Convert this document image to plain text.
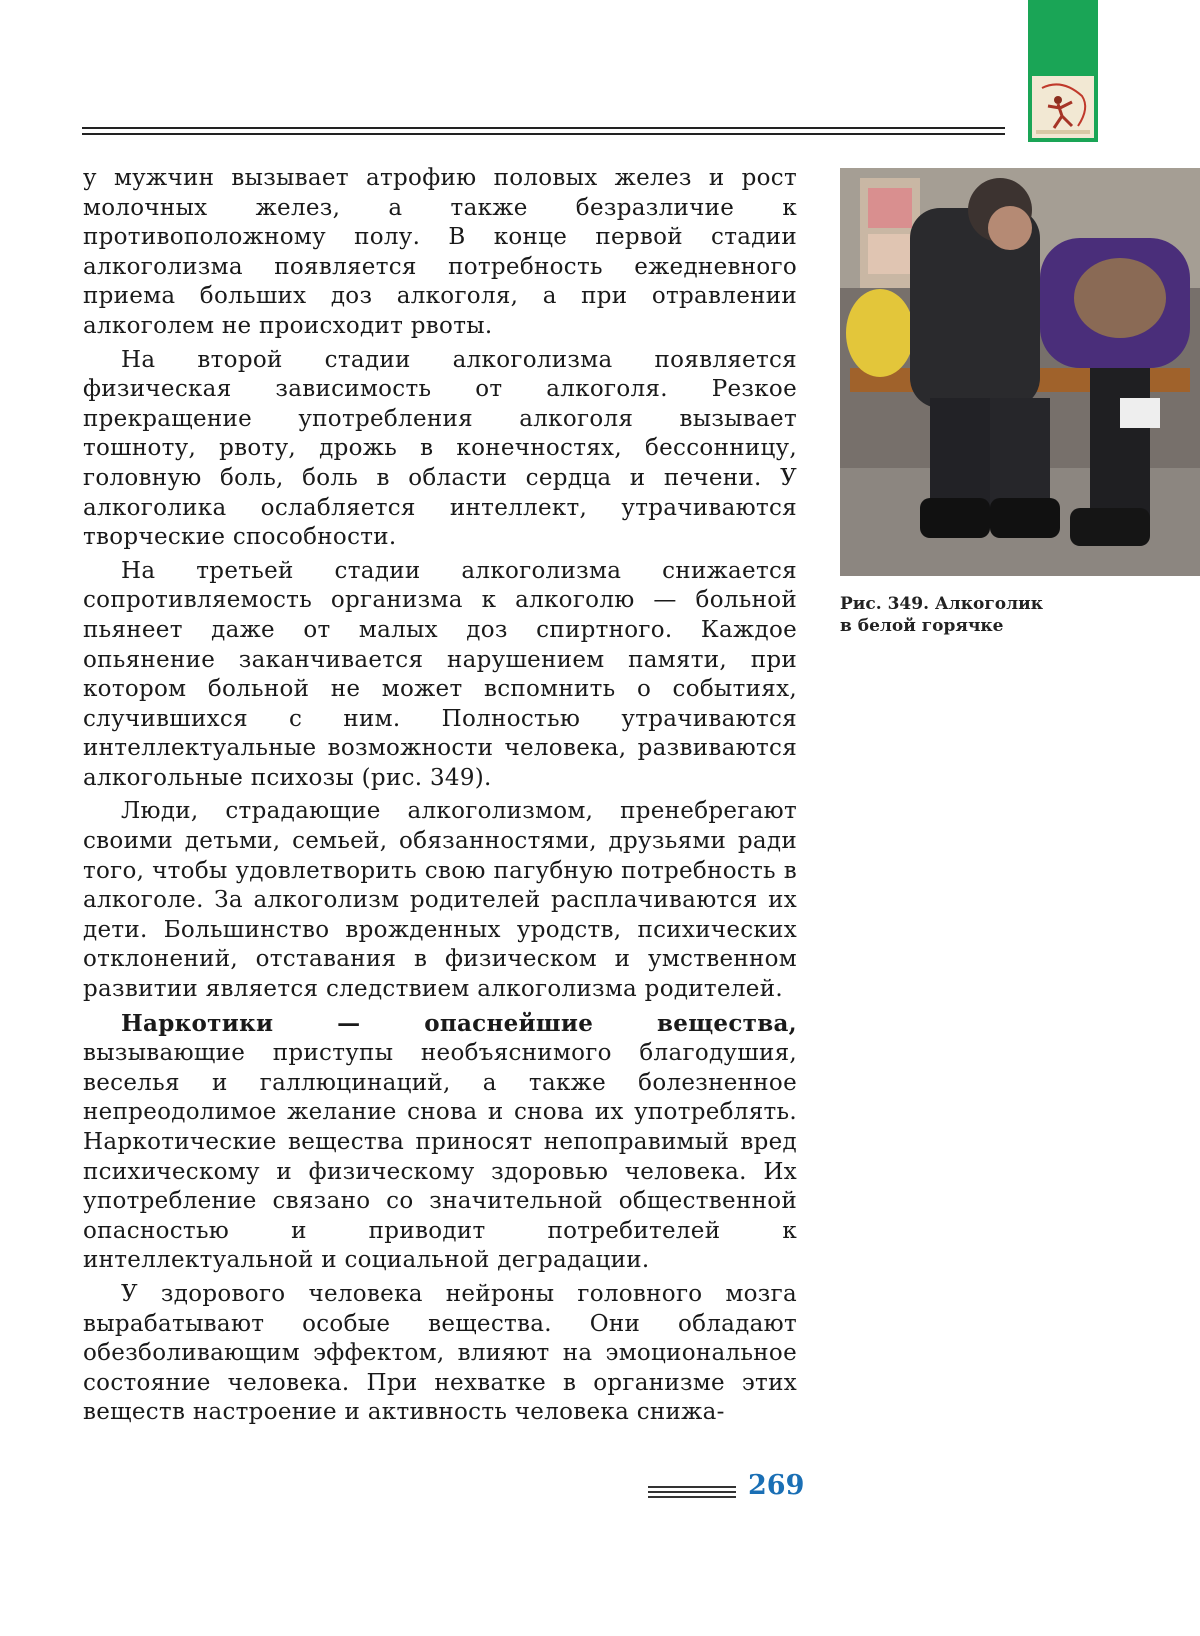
у мужчин вызывает атрофию половых желез и рост молочных желез, а также безразличие к противоположному полу. В конце первой стадии алкоголизма появляется потребность ежедневного приема больших доз алкоголя, а при отравлении алкоголем не происходит рвоты.

На второй стадии алкоголизма появляется физическая зависимость от алкоголя. Резкое прекращение употребления алкоголя вызывает тошноту, рвоту, дрожь в конечностях, бессонницу, головную боль, боль в области сердца и печени. У алкоголика ослабляется интеллект, утрачиваются творческие способности.

На третьей стадии алкоголизма снижается сопротивляемость организма к алкоголю — больной пьянеет даже от малых доз спиртного. Каждое опьянение заканчивается нарушением памяти, при котором больной не может вспомнить о событиях, случившихся с ним. Полностью утрачиваются интеллектуальные возможности человека, развиваются алкогольные психозы (рис. 349).

Люди, страдающие алкоголизмом, пренебрегают своими детьми, семьей, обязанностями, друзьями ради того, чтобы удовлетворить свою пагубную потребность в алкоголе. За алкоголизм родителей расплачиваются их дети. Большинство врожденных уродств, психических отклонений, отставания в физическом и умственном развитии является следствием алкоголизма родителей.

Наркотики — опаснейшие вещества, вызывающие приступы необъяснимого благодушия, веселья и галлюцинаций, а также болезненное непреодолимое желание снова и снова их употреблять. Наркотические вещества приносят непоправимый вред психическому и физическому здоровью человека. Их употребление связано со значительной общественной опасностью и приводит потребителей к интеллектуальной и социальной деградации.

У здорового человека нейроны головного мозга вырабатывают особые вещества. Они обладают обезболивающим эффектом, влияют на эмоциональное состояние человека. При нехватке в организме этих веществ настроение и активность человека снижа-

Рис. 349. Алкоголик
в белой горячке
269
